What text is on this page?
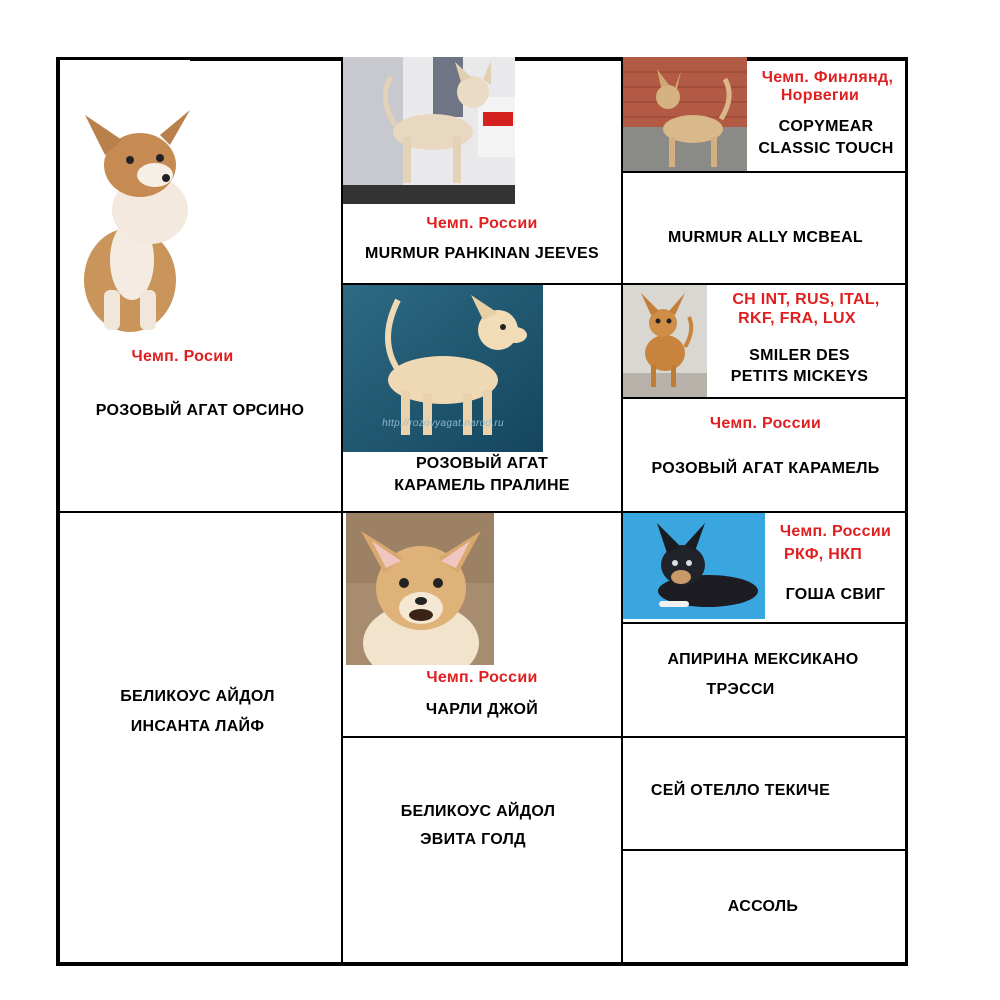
Чемп. Росии
РОЗОВЫЙ АГАТ ОРСИНО
БЕЛИКОУС АЙДОЛ
ИНСАНТА ЛАЙФ
Чемп. России
MURMUR PAHKINAN JEEVES
http://rozovyagat.narod.ru
РОЗОВЫЙ АГАТ
КАРАМЕЛЬ ПРАЛИНЕ
Чемп. России
ЧАРЛИ ДЖОЙ
БЕЛИКОУС АЙДОЛ
ЭВИТА ГОЛД
Чемп. Финлянд,
Норвегии
COPYMEAR
CLASSIC TOUCH
MURMUR ALLY MCBEAL
CH INT, RUS, ITAL,
RKF, FRA, LUX
SMILER DES
PETITS MICKEYS
Чемп. России
РОЗОВЫЙ АГАТ КАРАМЕЛЬ
Чемп. России
РКФ, НКП
ГОША СВИГ
АПИРИНА МЕКСИКАНО
ТРЭССИ
СЕЙ ОТЕЛЛО ТЕКИЧЕ
АССОЛЬ
